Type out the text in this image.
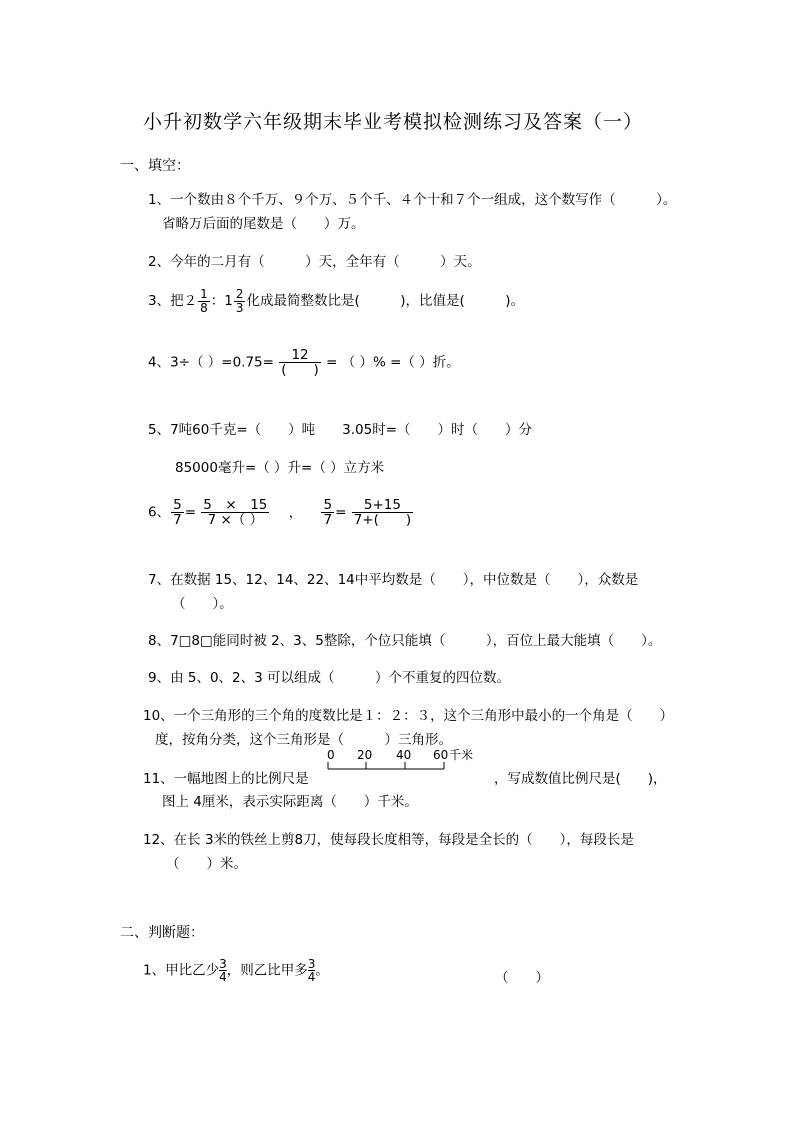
小升初数学六年级期末毕业考模拟检测练习及答案（一）
一、填空：
1、一个数由８个千万、９个万、５个千、４个十和７个一组成，这个数写作（　　　）。
省略万后面的尾数是（　　）万。
2、今年的二月有（　　　）天，全年有（　　　）天。
3、把$2 \frac{1}{8}$ ：$1 \frac{2}{3}$ 化成最简整数比是(　　　)，比值是(　　　)。
4、3÷（ ）$=0.75= \frac{12}{( )}$ = （ ）% =（ ）折。
5、7吨60千克=（　　）吨　　3.05时=（　　）时（　　）分
85000毫升=（ ）升=（ ）立方米
6、 $\frac{5}{7} = \frac{5 \times 15}{7 \times( )}$ ， $\frac{5}{7} = \frac{5+15}{7+( )}$
7、在数据 15、12、14、22、14中平均数是（　　），中位数是（　　），众数是
（　　）。
8、7□8□能同时被 2、3、5整除，个位只能填（　　　），百位上最大能填（　　）。
9、由 5、0、2、3 可以组成（　　　）个不重复的四位数。
10、一个三角形的三个角的度数比是１：２：３，这个三角形中最小的一个角是（　　）
度，按角分类，这个三角形是（　　　）三角形。
11、一幅地图上的比例尺是
0 20 40 60 千米
，写成数值比例尺是(　　)，
图上 4厘米，表示实际距离（　　）千米。
12、在长 3米的铁丝上剪8刀，使每段长度相等，每段是全长的（　　），每段长是
（　　）米。
二、判断题：
1、甲比乙少 $\frac{3}{4}$ ，则乙比甲多 $\frac{3}{4}$ 。	（　　）
